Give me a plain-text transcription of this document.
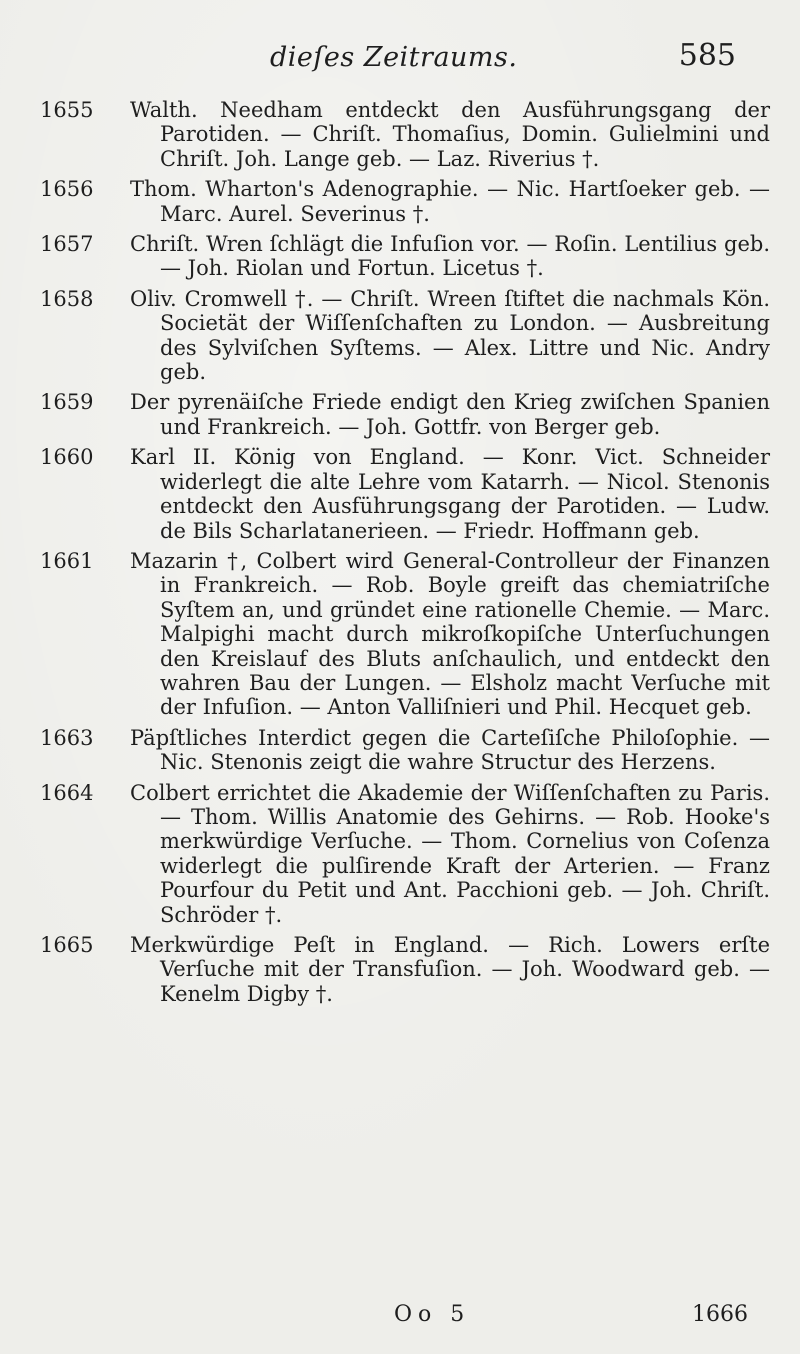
dieſes Zeitraums.	585
1655	Walth. Needham entdeckt den Ausführungsgang der Parotiden. — Chriſt. Thomaſius, Domin. Gulielmini und Chriſt. Joh. Lange geb. — Laz. Riverius †.
1656	Thom. Wharton's Adenographie. — Nic. Hartſoeker geb. — Marc. Aurel. Severinus †.
1657	Chriſt. Wren ſchlägt die Infuſion vor. — Roſin. Lentilius geb. — Joh. Riolan und Fortun. Licetus †.
1658	Oliv. Cromwell †. — Chriſt. Wreen ſtiftet die nachmals Kön. Societät der Wiſſenſchaften zu London. — Ausbreitung des Sylviſchen Syſtems. — Alex. Littre und Nic. Andry geb.
1659	Der pyrenäiſche Friede endigt den Krieg zwiſchen Spanien und Frankreich. — Joh. Gottfr. von Berger geb.
1660	Karl II. König von England. — Konr. Vict. Schneider widerlegt die alte Lehre vom Katarrh. — Nicol. Stenonis entdeckt den Ausführungsgang der Parotiden. — Ludw. de Bils Scharlatanerieen. — Friedr. Hoffmann geb.
1661	Mazarin †, Colbert wird General-Controlleur der Finanzen in Frankreich. — Rob. Boyle greift das chemiatriſche Syſtem an, und gründet eine rationelle Chemie. — Marc. Malpighi macht durch mikroſkopiſche Unterſuchungen den Kreislauf des Bluts anſchaulich, und entdeckt den wahren Bau der Lungen. — Elsholz macht Verſuche mit der Infuſion. — Anton Valliſnieri und Phil. Hecquet geb.
1663	Päpſtliches Interdict gegen die Carteſiſche Philoſophie. — Nic. Stenonis zeigt die wahre Structur des Herzens.
1664	Colbert errichtet die Akademie der Wiſſenſchaften zu Paris. — Thom. Willis Anatomie des Gehirns. — Rob. Hooke's merkwürdige Verſuche. — Thom. Cornelius von Coſenza widerlegt die pulſirende Kraft der Arterien. — Franz Pourfour du Petit und Ant. Pacchioni geb. — Joh. Chriſt. Schröder †.
1665	Merkwürdige Peſt in England. — Rich. Lowers erſte Verſuche mit der Transfuſion. — Joh. Woodward geb. — Kenelm Digby †.
Oo 5	1666
